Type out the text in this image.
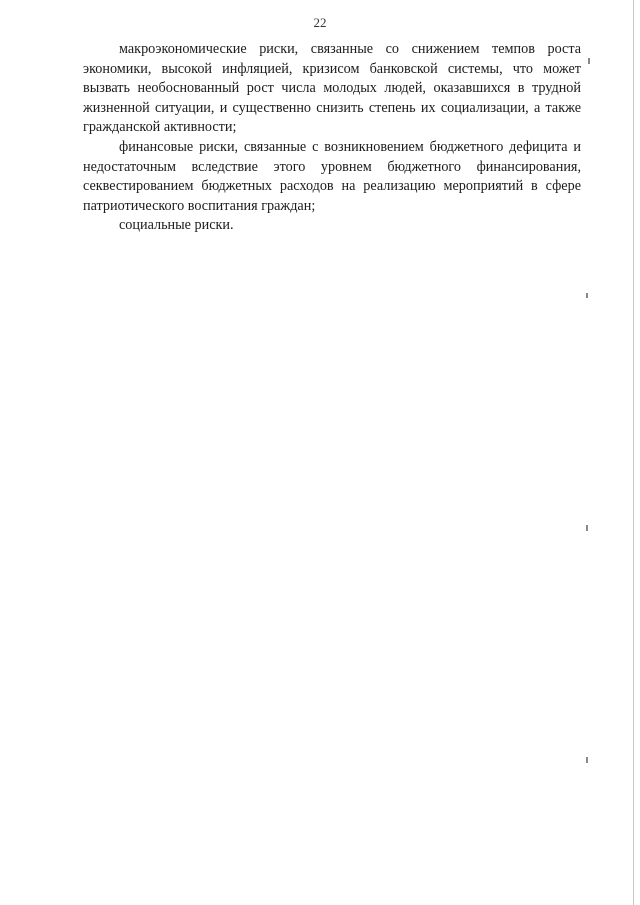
22

макроэкономические риски, связанные со снижением темпов роста экономики, высокой инфляцией, кризисом банковской системы, что может вызвать необоснованный рост числа молодых людей, оказавшихся в трудной жизненной ситуации, и существенно снизить степень их социализации, а также гражданской активности;

финансовые риски, связанные с возникновением бюджетного дефицита и недостаточным вследствие этого уровнем бюджетного финансирования, секвестированием бюджетных расходов на реализацию мероприятий в сфере патриотического воспитания граждан;

социальные риски.
